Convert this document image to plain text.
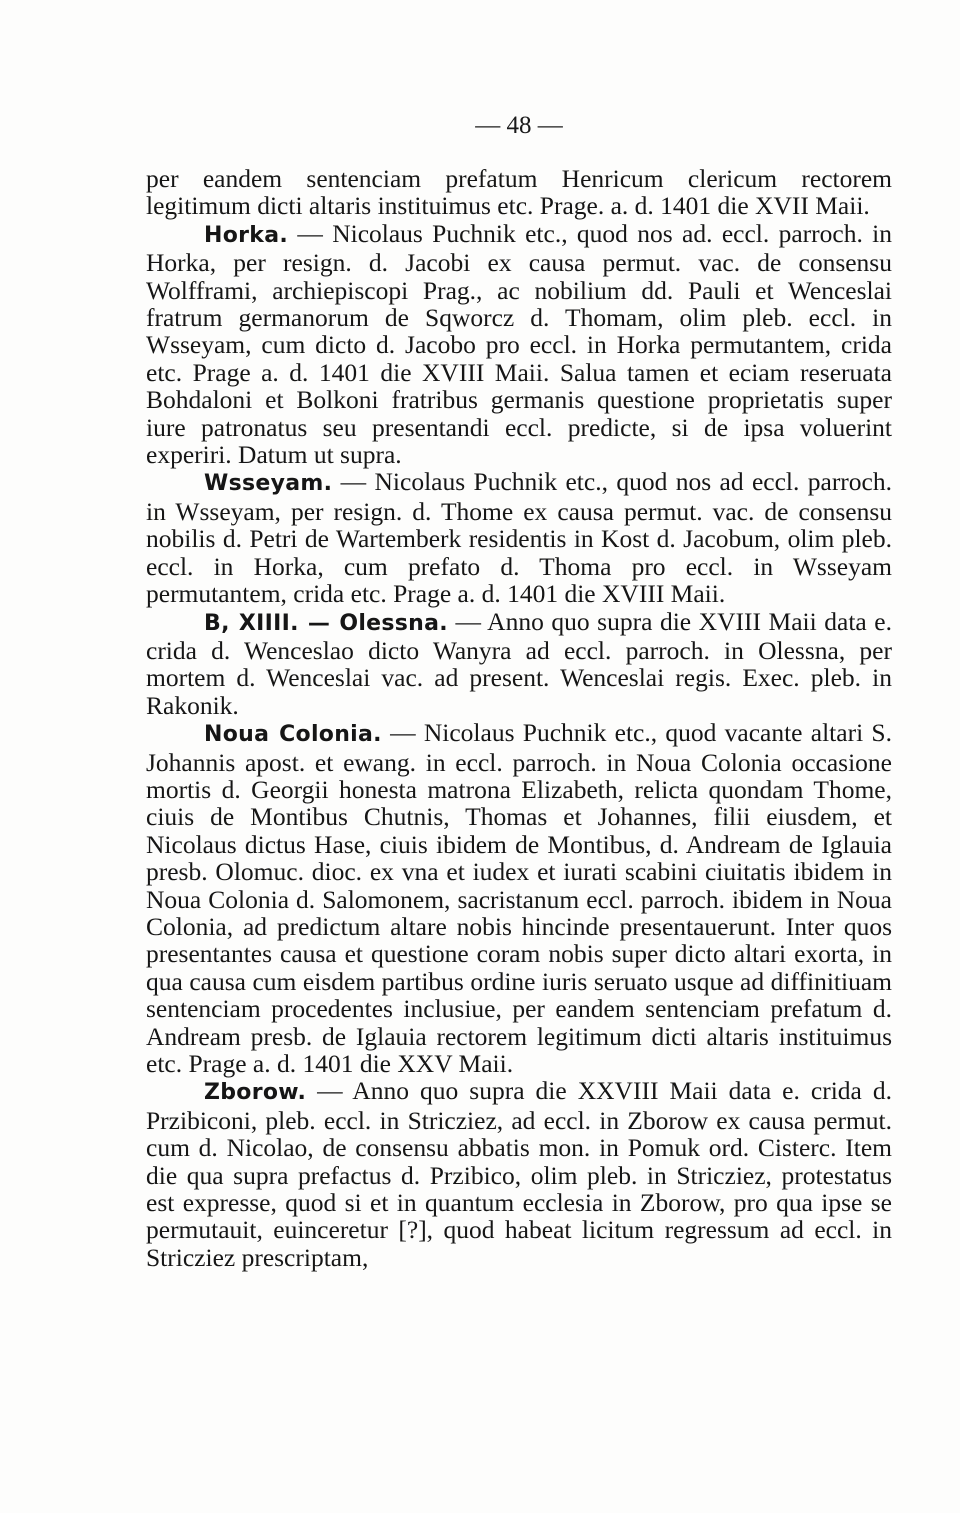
— 48 —

per eandem sentenciam prefatum Henricum clericum rectorem legitimum dicti altaris instituimus etc. Prage. a. d. 1401 die XVII Maii.

Horka. — Nicolaus Puchnik etc., quod nos ad. eccl. parroch. in Horka, per resign. d. Jacobi ex causa permut. vac. de consensu Wolfframi, archiepiscopi Prag., ac nobilium dd. Pauli et Wenceslai fratrum germanorum de Sqworcz d. Thomam, olim pleb. eccl. in Wsseyam, cum dicto d. Jacobo pro eccl. in Horka permutantem, crida etc. Prage a. d. 1401 die XVIII Maii. Salua tamen et eciam reseruata Bohdaloni et Bolkoni fratribus germanis questione proprietatis super iure patronatus seu presentandi eccl. predicte, si de ipsa voluerint experiri. Datum ut supra.

Wsseyam. — Nicolaus Puchnik etc., quod nos ad eccl. parroch. in Wsseyam, per resign. d. Thome ex causa permut. vac. de consensu nobilis d. Petri de Wartemberk residentis in Kost d. Jacobum, olim pleb. eccl. in Horka, cum prefato d. Thoma pro eccl. in Wsseyam permutantem, crida etc. Prage a. d. 1401 die XVIII Maii.

B, XIIII. — Olessna. — Anno quo supra die XVIII Maii data e. crida d. Wenceslao dicto Wanyra ad eccl. parroch. in Olessna, per mortem d. Wenceslai vac. ad present. Wenceslai regis. Exec. pleb. in Rakonik.

Noua Colonia. — Nicolaus Puchnik etc., quod vacante altari S. Johannis apost. et ewang. in eccl. parroch. in Noua Colonia occasione mortis d. Georgii honesta matrona Elizabeth, relicta quondam Thome, ciuis de Montibus Chutnis, Thomas et Johannes, filii eiusdem, et Nicolaus dictus Hase, ciuis ibidem de Montibus, d. Andream de Iglauia presb. Olomuc. dioc. ex vna et iudex et iurati scabini ciuitatis ibidem in Noua Colonia d. Salomonem, sacristanum eccl. parroch. ibidem in Noua Colonia, ad predictum altare nobis hincinde presentauerunt. Inter quos presentantes causa et questione coram nobis super dicto altari exorta, in qua causa cum eisdem partibus ordine iuris seruato usque ad diffinitiuam sentenciam procedentes inclusiue, per eandem sentenciam prefatum d. Andream presb. de Iglauia rectorem legitimum dicti altaris instituimus etc. Prage a. d. 1401 die XXV Maii.

Zborow. — Anno quo supra die XXVIII Maii data e. crida d. Przibiconi, pleb. eccl. in Stricziez, ad eccl. in Zborow ex causa permut. cum d. Nicolao, de consensu abbatis mon. in Pomuk ord. Cisterc. Item die qua supra prefactus d. Przibico, olim pleb. in Stricziez, protestatus est expresse, quod si et in quantum ecclesia in Zborow, pro qua ipse se permutauit, euinceretur [?], quod habeat licitum regressum ad eccl. in Stricziez prescriptam,
